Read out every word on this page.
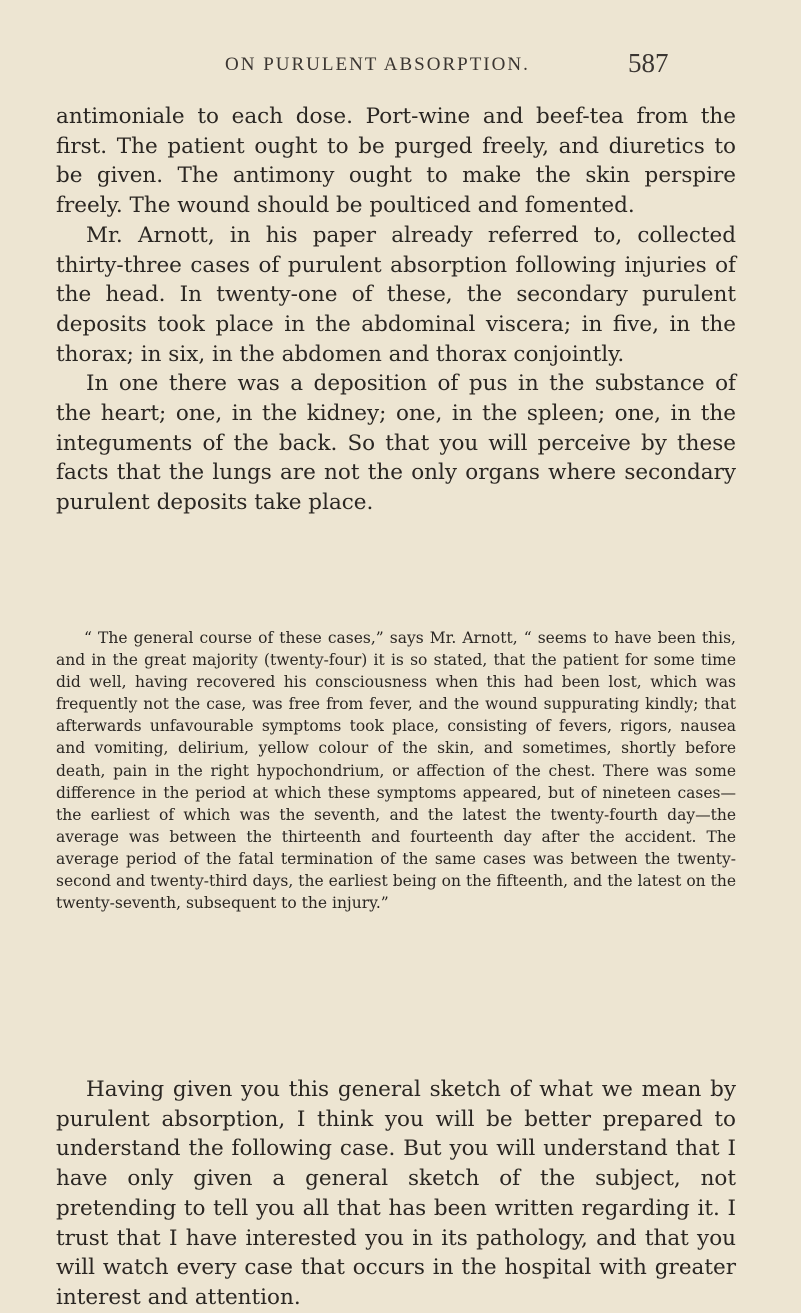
ON PURULENT ABSORPTION.	587

antimoniale to each dose. Port-wine and beef-tea from the first. The patient ought to be purged freely, and diuretics to be given. The antimony ought to make the skin perspire freely. The wound should be poulticed and fomented.

Mr. Arnott, in his paper already referred to, collected thirty-three cases of purulent absorption following injuries of the head. In twenty-one of these, the secondary purulent deposits took place in the abdominal viscera; in five, in the thorax; in six, in the abdomen and thorax conjointly.

In one there was a deposition of pus in the substance of the heart; one, in the kidney; one, in the spleen; one, in the integuments of the back. So that you will perceive by these facts that the lungs are not the only organs where secondary purulent deposits take place.

“ The general course of these cases,” says Mr. Arnott, “ seems to have been this, and in the great majority (twenty-four) it is so stated, that the patient for some time did well, having recovered his consciousness when this had been lost, which was frequently not the case, was free from fever, and the wound suppurating kindly; that afterwards unfavourable symptoms took place, consisting of fevers, rigors, nausea and vomiting, delirium, yellow colour of the skin, and sometimes, shortly before death, pain in the right hypochondrium, or affection of the chest. There was some difference in the period at which these symptoms appeared, but of nineteen cases— the earliest of which was the seventh, and the latest the twenty-fourth day—the average was between the thirteenth and fourteenth day after the accident. The average period of the fatal termination of the same cases was between the twenty-second and twenty-third days, the earliest being on the fifteenth, and the latest on the twenty-seventh, subsequent to the injury.”

Having given you this general sketch of what we mean by purulent absorption, I think you will be better prepared to understand the following case. But you will understand that I have only given a general sketch of the subject, not pretending to tell you all that has been written regarding it. I trust that I have interested you in its pathology, and that you will watch every case that occurs in the hospital with greater interest and attention.
